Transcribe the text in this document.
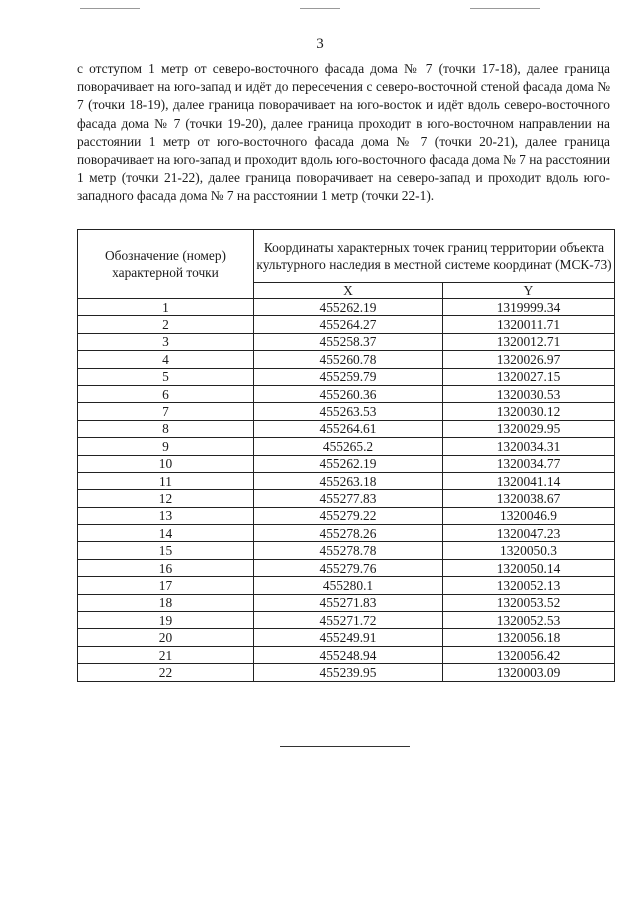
3
с отступом 1 метр от северо-восточного фасада дома № 7 (точки 17-18), далее граница поворачивает на юго-запад и идёт до пересечения с северо-восточной стеной фасада дома № 7 (точки 18-19), далее граница поворачивает на юго-восток и идёт вдоль северо-восточного фасада дома № 7 (точки 19-20), далее граница проходит в юго-восточном направлении на расстоянии 1 метр от юго-восточного фасада дома № 7 (точки 20-21), далее граница поворачивает на юго-запад и проходит вдоль юго-восточного фасада дома № 7 на расстоянии 1 метр (точки 21-22), далее граница поворачивает на северо-запад и проходит вдоль юго-западного фасада дома № 7 на расстоянии 1 метр (точки 22-1).
Обозначение (номер) характерной точки	Координаты характерных точек границ территории объекта культурного наследия в местной системе координат (МСК-73)	
	X	Y
1	455262.19	1319999.34
2	455264.27	1320011.71
3	455258.37	1320012.71
4	455260.78	1320026.97
5	455259.79	1320027.15
6	455260.36	1320030.53
7	455263.53	1320030.12
8	455264.61	1320029.95
9	455265.2	1320034.31
10	455262.19	1320034.77
11	455263.18	1320041.14
12	455277.83	1320038.67
13	455279.22	1320046.9
14	455278.26	1320047.23
15	455278.78	1320050.3
16	455279.76	1320050.14
17	455280.1	1320052.13
18	455271.83	1320053.52
19	455271.72	1320052.53
20	455249.91	1320056.18
21	455248.94	1320056.42
22	455239.95	1320003.09
